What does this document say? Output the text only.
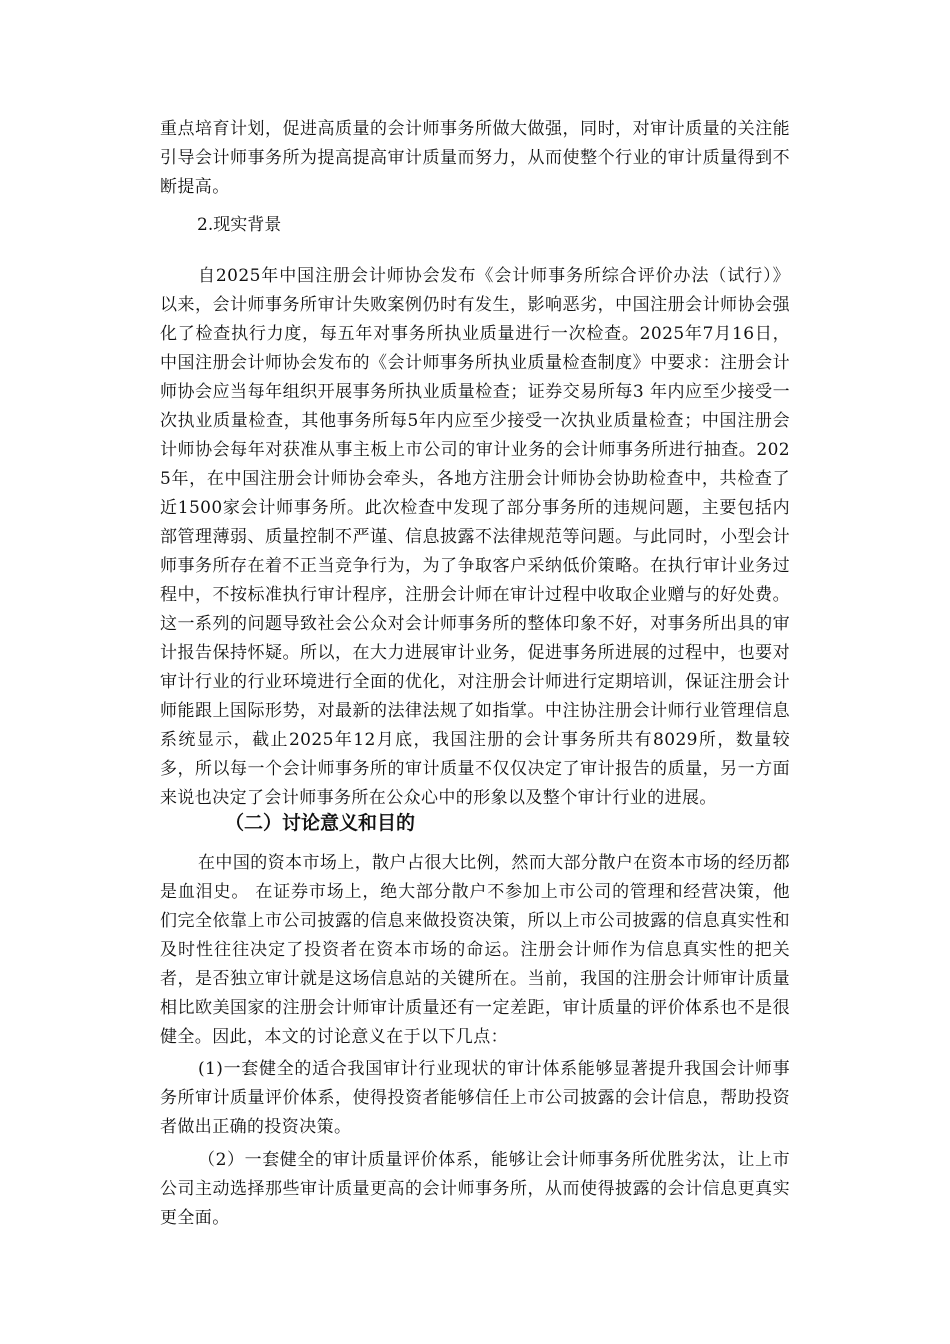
重点培育计划，促进高质量的会计师事务所做大做强，同时，对审计质量的关注能引导会计师事务所为提高提高审计质量而努力，从而使整个行业的审计质量得到不断提高。

2.现实背景

自2025年中国注册会计师协会发布《会计师事务所综合评价办法（试行）》以来，会计师事务所审计失败案例仍时有发生，影响恶劣，中国注册会计师协会强化了检查执行力度，每五年对事务所执业质量进行一次检查。2025年7月16日，中国注册会计师协会发布的《会计师事务所执业质量检查制度》中要求：注册会计师协会应当每年组织开展事务所执业质量检查；证券交易所每3 年内应至少接受一次执业质量检查，其他事务所每5年内应至少接受一次执业质量检查；中国注册会计师协会每年对获准从事主板上市公司的审计业务的会计师事务所进行抽查。2025年，在中国注册会计师协会牵头，各地方注册会计师协会协助检查中，共检查了近1500家会计师事务所。此次检查中发现了部分事务所的违规问题，主要包括内部管理薄弱、质量控制不严谨、信息披露不法律规范等问题。与此同时，小型会计师事务所存在着不正当竞争行为，为了争取客户采纳低价策略。在执行审计业务过程中，不按标准执行审计程序，注册会计师在审计过程中收取企业赠与的好处费。这一系列的问题导致社会公众对会计师事务所的整体印象不好，对事务所出具的审计报告保持怀疑。所以，在大力进展审计业务，促进事务所进展的过程中，也要对审计行业的行业环境进行全面的优化，对注册会计师进行定期培训，保证注册会计师能跟上国际形势，对最新的法律法规了如指掌。中注协注册会计师行业管理信息系统显示，截止2025年12月底，我国注册的会计事务所共有8029所，数量较多，所以每一个会计师事务所的审计质量不仅仅决定了审计报告的质量，另一方面来说也决定了会计师事务所在公众心中的形象以及整个审计行业的进展。

（二）讨论意义和目的

在中国的资本市场上，散户占很大比例，然而大部分散户在资本市场的经历都是血泪史。 在证券市场上，绝大部分散户不参加上市公司的管理和经营决策，他们完全依靠上市公司披露的信息来做投资决策，所以上市公司披露的信息真实性和及时性往往决定了投资者在资本市场的命运。注册会计师作为信息真实性的把关者，是否独立审计就是这场信息站的关键所在。当前，我国的注册会计师审计质量相比欧美国家的注册会计师审计质量还有一定差距，审计质量的评价体系也不是很健全。因此，本文的讨论意义在于以下几点：

(1)一套健全的适合我国审计行业现状的审计体系能够显著提升我国会计师事务所审计质量评价体系，使得投资者能够信任上市公司披露的会计信息，帮助投资者做出正确的投资决策。

（2）一套健全的审计质量评价体系，能够让会计师事务所优胜劣汰，让上市公司主动选择那些审计质量更高的会计师事务所，从而使得披露的会计信息更真实更全面。
